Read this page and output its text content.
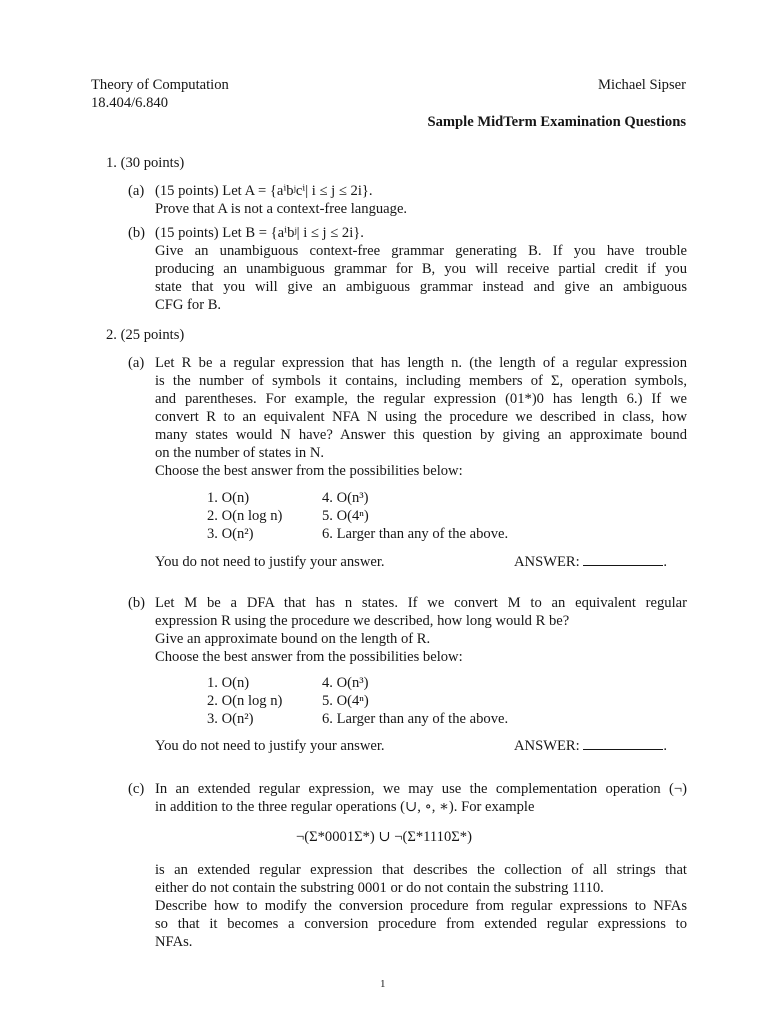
Theory of Computation
18.404/6.840
Michael Sipser
Sample MidTerm Examination Questions
1. (30 points)
(a) (15 points) Let A = {aⁱbʲcⁱ| i ≤ j ≤ 2i}.
Prove that A is not a context-free language.
(b) (15 points) Let B = {aⁱbʲ| i ≤ j ≤ 2i}.
Give an unambiguous context-free grammar generating B. If you have trouble
producing an unambiguous grammar for B, you will receive partial credit if you
state that you will give an ambiguous grammar instead and give an ambiguous
CFG for B.
2. (25 points)
(a) Let R be a regular expression that has length n. (the length of a regular expression
is the number of symbols it contains, including members of Σ, operation symbols,
and parentheses. For example, the regular expression (01*)0 has length 6.) If we
convert R to an equivalent NFA N using the procedure we described in class, how
many states would N have? Answer this question by giving an approximate bound
on the number of states in N.
Choose the best answer from the possibilities below:
1. O(n)	4. O(n³)
2. O(n log n)	5. O(4ⁿ)
3. O(n²)	6. Larger than any of the above.
You do not need to justify your answer.	ANSWER:	.
(b) Let M be a DFA that has n states. If we convert M to an equivalent regular
expression R using the procedure we described, how long would R be?
Give an approximate bound on the length of R.
Choose the best answer from the possibilities below:
1. O(n)	4. O(n³)
2. O(n log n)	5. O(4ⁿ)
3. O(n²)	6. Larger than any of the above.
You do not need to justify your answer.	ANSWER:	.
(c) In an extended regular expression, we may use the complementation operation (¬)
in addition to the three regular operations (∪, ∘, ∗). For example
¬(Σ*0001Σ*) ∪ ¬(Σ*1110Σ*)
is an extended regular expression that describes the collection of all strings that
either do not contain the substring 0001 or do not contain the substring 1110.
Describe how to modify the conversion procedure from regular expressions to NFAs
so that it becomes a conversion procedure from extended regular expressions to
NFAs.
1
